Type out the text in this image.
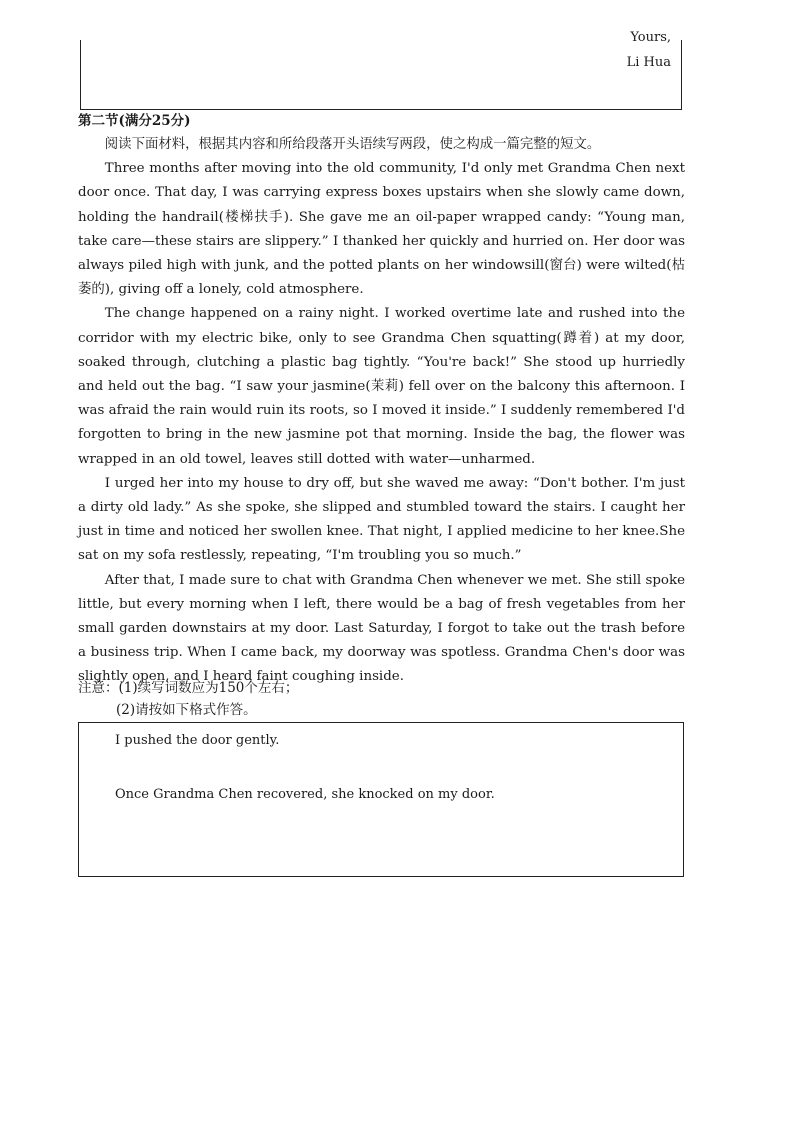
Yours,
Li Hua
第二节(满分25分)
阅读下面材料，根据其内容和所给段落开头语续写两段，使之构成一篇完整的短文。

Three months after moving into the old community, I'd only met Grandma Chen next door once. That day, I was carrying express boxes upstairs when she slowly came down, holding the handrail(楼梯扶手). She gave me an oil-paper wrapped candy: “Young man, take care—these stairs are slippery.” I thanked her quickly and hurried on. Her door was always piled high with junk, and the potted plants on her windowsill(窗台) were wilted(枯萎的), giving off a lonely, cold atmosphere.

The change happened on a rainy night. I worked overtime late and rushed into the corridor with my electric bike, only to see Grandma Chen squatting(蹲着) at my door, soaked through, clutching a plastic bag tightly. “You're back!” She stood up hurriedly and held out the bag. “I saw your jasmine(茉莉) fell over on the balcony this afternoon. I was afraid the rain would ruin its roots, so I moved it inside.” I suddenly remembered I'd forgotten to bring in the new jasmine pot that morning. Inside the bag, the flower was wrapped in an old towel, leaves still dotted with water—unharmed.

I urged her into my house to dry off, but she waved me away: “Don't bother. I'm just a dirty old lady.” As she spoke, she slipped and stumbled toward the stairs. I caught her just in time and noticed her swollen knee. That night, I applied medicine to her knee.She sat on my sofa restlessly, repeating, “I'm troubling you so much.”

After that, I made sure to chat with Grandma Chen whenever we met. She still spoke little, but every morning when I left, there would be a bag of fresh vegetables from her small garden downstairs at my door. Last Saturday, I forgot to take out the trash before a business trip. When I came back, my doorway was spotless. Grandma Chen's door was slightly open, and I heard faint coughing inside.

注意：(1)续写词数应为150个左右；
(2)请按如下格式作答。
I pushed the door gently.
Once Grandma Chen recovered, she knocked on my door.
